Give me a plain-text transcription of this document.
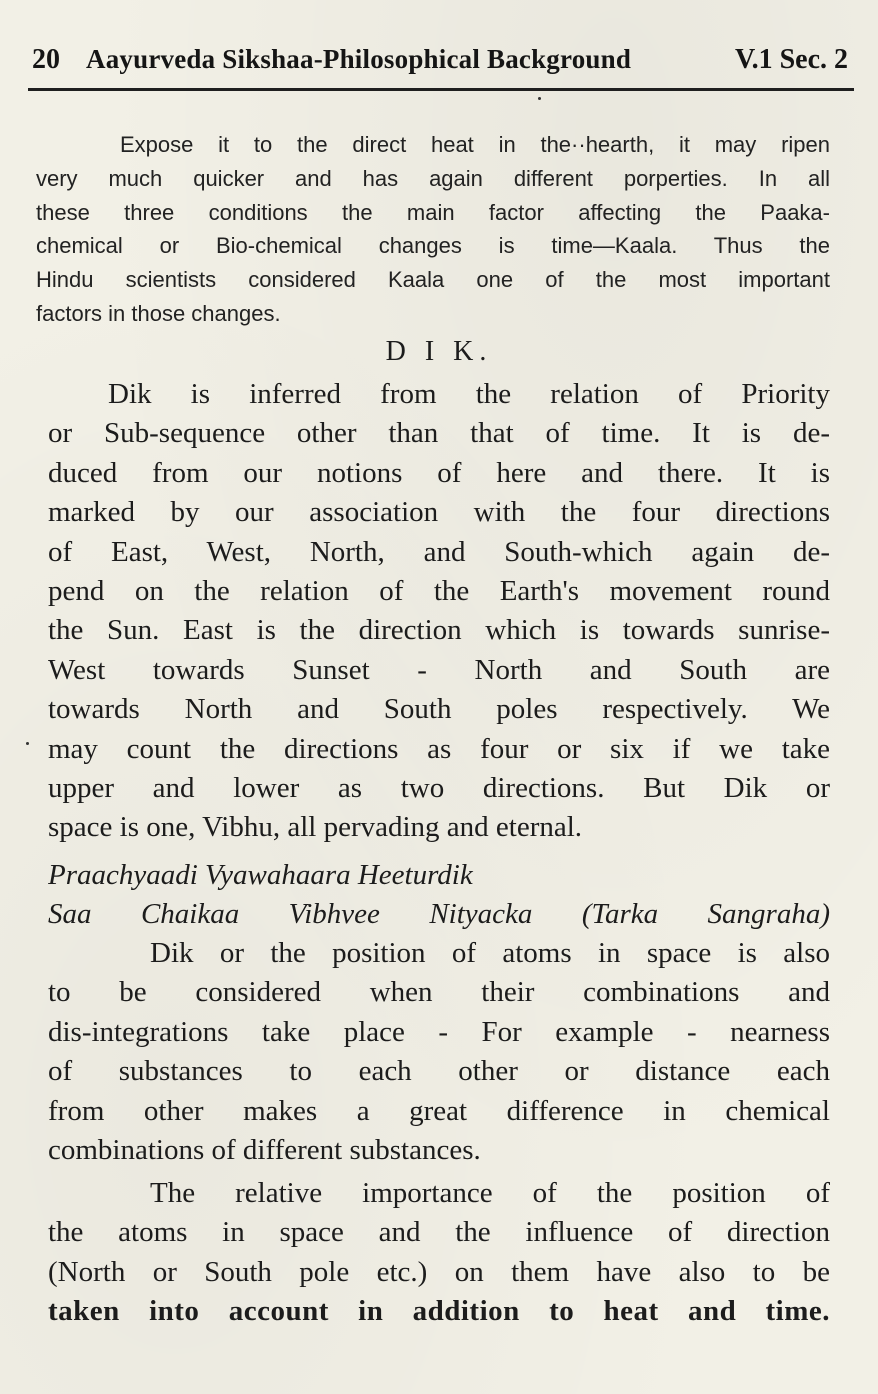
20 Aayurveda Sikshaa-Philosophical Background	V.1 Sec. 2
Expose it to the direct heat in the··hearth, it may ripen
very much quicker and has again different porperties. In all
these three conditions the main factor affecting the Paaka-
chemical or Bio-chemical changes is time—Kaala. Thus the
Hindu scientists considered Kaala one of the most important
factors in those changes.
D I K.
Dik is inferred from the relation of Priority
or Sub-sequence other than that of time. It is de-
duced from our notions of here and there. It is
marked by our association with the four directions
of East, West, North, and South-which again de-
pend on the relation of the Earth's movement round
the Sun. East is the direction which is towards sunrise-
West towards Sunset - North and South are
towards North and South poles respectively. We
may count the directions as four or six if we take
upper and lower as two directions. But Dik or
space is one, Vibhu, all pervading and eternal.
Praachyaadi Vyawahaara Heeturdik
Saa Chaikaa Vibhvee Nityacka (Tarka Sangraha)
Dik or the position of atoms in space is also
to be considered when their combinations and
dis-integrations take place - For example - nearness
of substances to each other or distance each
from other makes a great difference in chemical
combinations of different substances.
The relative importance of the position of
the atoms in space and the influence of direction
(North or South pole etc.) on them have also to be
taken into account in addition to heat and time.
